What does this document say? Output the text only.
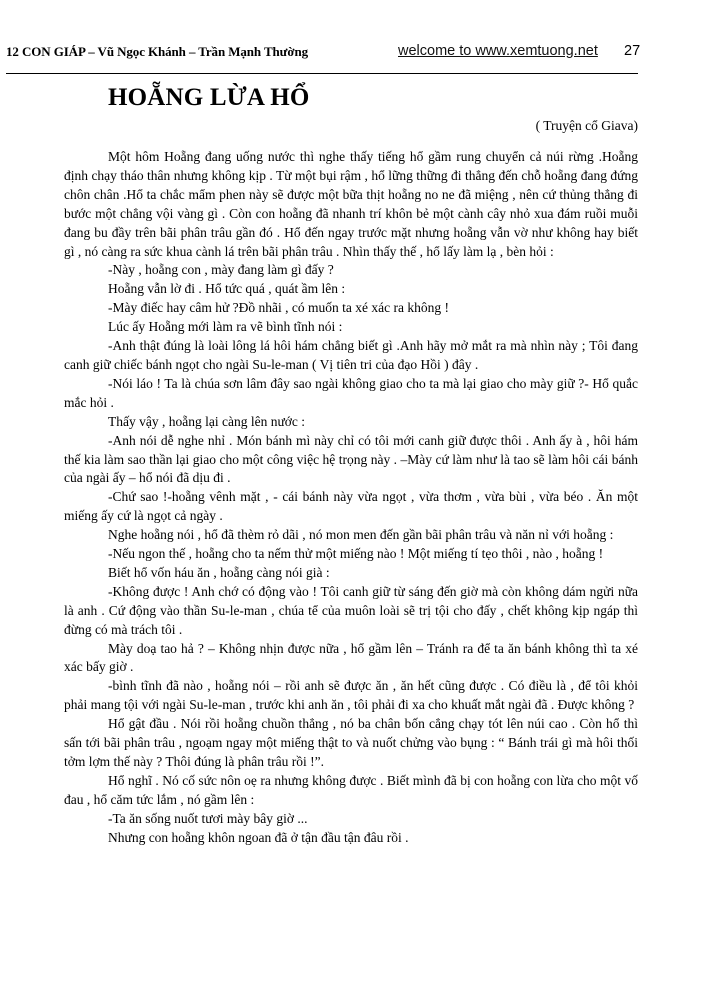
12 CON GIÁP – Vũ Ngọc Khánh – Trần Mạnh Thường	welcome to www.xemtuong.net 27
HOẴNG LỪA HỔ
( Truyện cổ Giava)

Một hôm Hoẵng đang uống nước thì nghe thấy tiếng hổ gầm rung chuyển cả núi rừng .Hoẵng định chạy tháo thân nhưng không kịp . Từ một bụi rậm , hổ lững thững đi thẳng đến chỗ hoẵng đang đứng chôn chân .Hổ ta chắc mẩm phen này sẽ được một bữa thịt hoẵng no ne đã miệng , nên cứ thủng thẳng đi bước một chẳng vội vàng gì . Còn con hoẵng đã nhanh trí khôn bẻ một cành cây nhỏ xua đám ruồi muỗi đang bu đầy trên bãi phân trâu gần đó . Hổ đến ngay trước mặt nhưng hoẵng vẫn vờ như không hay biết gì , nó càng ra sức khua cành lá trên bãi phân trâu . Nhìn thấy thế , hổ lấy làm lạ , bèn hỏi :

-Này , hoẵng con , mày đang làm gì đấy ?

Hoẵng vẫn lờ đi . Hổ tức quá , quát ầm lên :

-Mày điếc hay câm hử ?Đồ nhãi , có muốn ta xé xác ra không !

Lúc ấy Hoẵng mới làm ra vẽ bình tĩnh nói :

-Anh thật đúng là loài lông lá hôi hám chẳng biết gì .Anh hãy mở mắt ra mà nhìn này ; Tôi đang canh giữ chiếc bánh ngọt cho ngài Su-le-man ( Vị tiên tri của đạo Hồi ) đây .

-Nói láo ! Ta là chúa sơn lâm đây sao ngài không giao cho ta mà lại giao cho mày giữ ?- Hổ quắc mắc hỏi .

Thấy vậy , hoẵng lại càng lên nước :

-Anh nói dễ nghe nhỉ . Món bánh mì này chỉ có tôi mới canh giữ được thôi . Anh ấy à , hôi hám thế kia làm sao thần lại giao cho một công việc hệ trọng này . –Mày cứ làm như là tao sẽ làm hôi cái bánh của ngài ấy – hổ nói đã dịu đi .

-Chứ sao !-hoẵng vênh mặt , - cái bánh này vừa ngọt , vừa thơm , vừa bùi , vừa béo . Ăn một miếng ấy cứ là ngọt cả ngày .

Nghe hoẵng nói , hổ đã thèm rỏ dãi , nó mon men đến gần bãi phân trâu và năn nỉ với hoẵng :

-Nếu ngon thế , hoẵng cho ta nếm thử một miếng nào ! Một miếng tí tẹo thôi , nào , hoẵng !

Biết hổ vốn háu ăn , hoẵng càng nói già :

-Không được ! Anh chớ có động vào ! Tôi canh giữ từ sáng đến giờ mà còn không dám ngửi nữa là anh . Cứ động vào thần Su-le-man , chúa tể của muôn loài sẽ trị tội cho đấy , chết không kịp ngáp thì đừng có mà trách tôi .

Mày doạ tao hả ? – Không nhịn được nữa , hổ gầm lên – Tránh ra để ta ăn bánh không thì ta xé xác bấy giờ .

-bình tĩnh đã nào , hoẵng nói – rồi anh sẽ được ăn , ăn hết cũng được . Có điều là , để tôi khỏi phải mang tội với ngài Su-le-man , trước khi anh ăn , tôi phải đi xa cho khuất mắt ngài đã . Được không ?

Hổ gật đầu . Nói rồi hoẵng chuồn thẳng , nó ba chân bốn cẳng chạy tót lên núi cao . Còn hổ thì sấn tới bãi phân trâu , ngoạm ngay một miếng thật to và nuốt chửng vào bụng : “ Bánh trái gì mà hôi thối tởm lợm thế này ? Thôi đúng là phân trâu rồi !”.

Hổ nghĩ . Nó cố sức nôn oẹ ra nhưng không được . Biết mình đã bị con hoẵng con lừa cho một vố đau , hổ căm tức lắm , nó gầm lên :

-Ta ăn sống nuốt tươi mày bây giờ ...

Nhưng con hoẵng khôn ngoan đã ở tận đầu tận đâu rồi .
